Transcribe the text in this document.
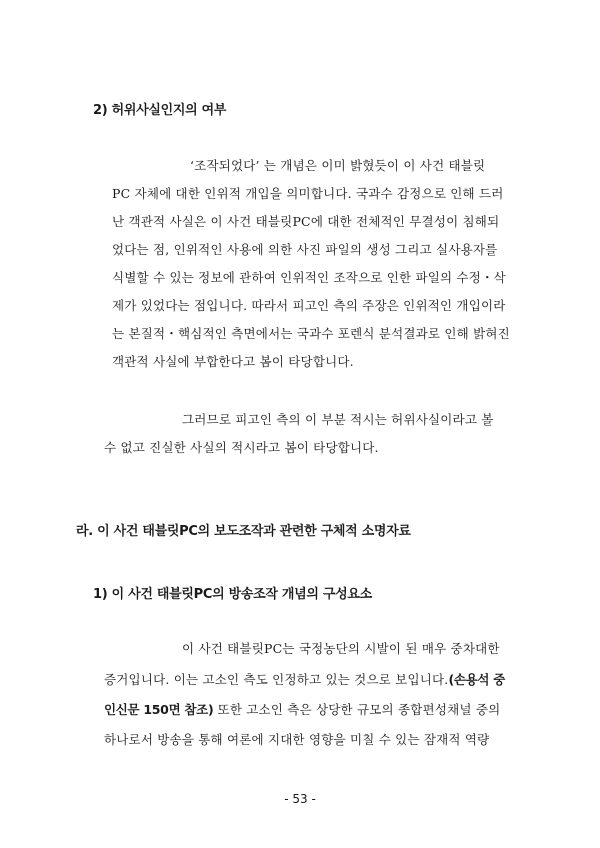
2) 허위사실인지의 여부
‘조작되었다’ 는 개념은 이미 밝혔듯이 이 사건 태블릿
PC 자체에 대한 인위적 개입을 의미합니다. 국과수 감정으로 인해 드러
난 객관적 사실은 이 사건 태블릿PC에 대한 전체적인 무결성이 침해되
었다는 점, 인위적인 사용에 의한 사진 파일의 생성 그리고 실사용자를
식별할 수 있는 정보에 관하여 인위적인 조작으로 인한 파일의 수정・삭
제가 있었다는 점입니다. 따라서 피고인 측의 주장은 인위적인 개입이라
는 본질적・핵심적인 측면에서는 국과수 포렌식 분석결과로 인해 밝혀진
객관적 사실에 부합한다고 봄이 타당합니다.
그러므로 피고인 측의 이 부분 적시는 허위사실이라고 볼
수 없고 진실한 사실의 적시라고 봄이 타당합니다.
라. 이 사건 태블릿PC의 보도조작과 관련한 구체적 소명자료
1) 이 사건 태블릿PC의 방송조작 개념의 구성요소
이 사건 태블릿PC는 국정농단의 시발이 된 매우 중차대한
증거입니다. 이는 고소인 측도 인정하고 있는 것으로 보입니다.(손용석 중
인신문 150면 참조) 또한 고소인 측은 상당한 규모의 종합편성채널 중의
하나로서 방송을 통해 여론에 지대한 영향을 미칠 수 있는 잠재적 역량
- 53 -
